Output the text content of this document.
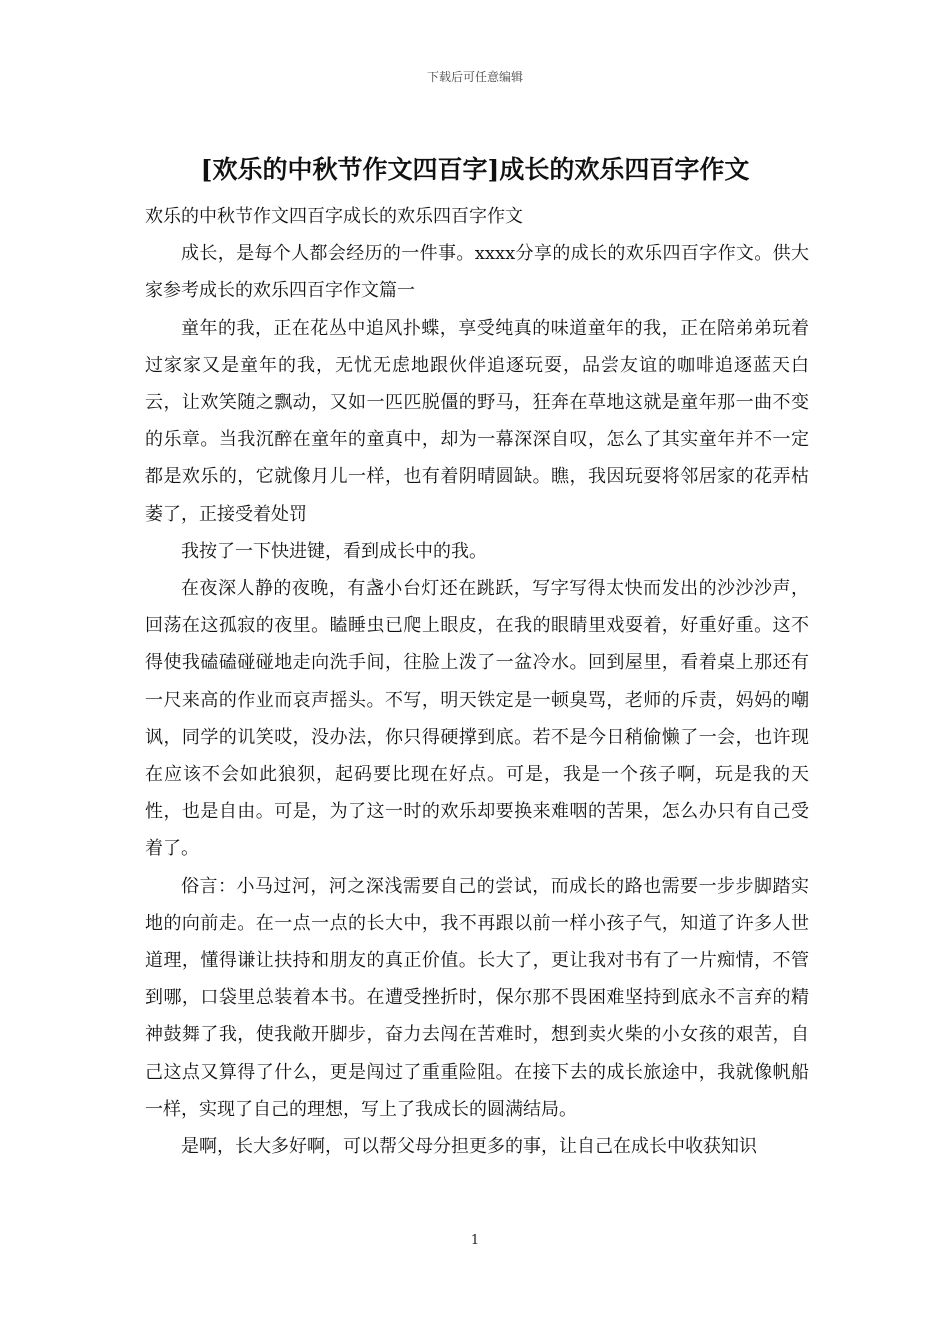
下载后可任意编辑
[欢乐的中秋节作文四百字]成长的欢乐四百字作文

欢乐的中秋节作文四百字成长的欢乐四百字作文

成长，是每个人都会经历的一件事。xxxx分享的成长的欢乐四百字作文。供大家参考成长的欢乐四百字作文篇一

童年的我，正在花丛中追风扑蝶，享受纯真的味道童年的我，正在陪弟弟玩着过家家又是童年的我，无忧无虑地跟伙伴追逐玩耍，品尝友谊的咖啡追逐蓝天白云，让欢笑随之飘动，又如一匹匹脱僵的野马，狂奔在草地这就是童年那一曲不变的乐章。当我沉醉在童年的童真中，却为一幕深深自叹，怎么了其实童年并不一定都是欢乐的，它就像月儿一样，也有着阴晴圆缺。瞧，我因玩耍将邻居家的花弄枯萎了，正接受着处罚

我按了一下快进键，看到成长中的我。

在夜深人静的夜晚，有盏小台灯还在跳跃，写字写得太快而发出的沙沙沙声，回荡在这孤寂的夜里。瞌睡虫已爬上眼皮，在我的眼睛里戏耍着，好重好重。这不得使我磕磕碰碰地走向洗手间，往脸上泼了一盆冷水。回到屋里，看着桌上那还有一尺来高的作业而哀声摇头。不写，明天铁定是一顿臭骂，老师的斥责，妈妈的嘲讽，同学的讥笑哎，没办法，你只得硬撑到底。若不是今日稍偷懒了一会，也许现在应该不会如此狼狈，起码要比现在好点。可是，我是一个孩子啊，玩是我的天性，也是自由。可是，为了这一时的欢乐却要换来难咽的苦果，怎么办只有自己受着了。

俗言：小马过河，河之深浅需要自己的尝试，而成长的路也需要一步步脚踏实地的向前走。在一点一点的长大中，我不再跟以前一样小孩子气，知道了许多人世道理，懂得谦让扶持和朋友的真正价值。长大了，更让我对书有了一片痴情，不管到哪，口袋里总装着本书。在遭受挫折时，保尔那不畏困难坚持到底永不言弃的精神鼓舞了我，使我敞开脚步，奋力去闯在苦难时，想到卖火柴的小女孩的艰苦，自己这点又算得了什么，更是闯过了重重险阻。在接下去的成长旅途中，我就像帆船一样，实现了自己的理想，写上了我成长的圆满结局。

是啊，长大多好啊，可以帮父母分担更多的事，让自己在成长中收获知识

1
